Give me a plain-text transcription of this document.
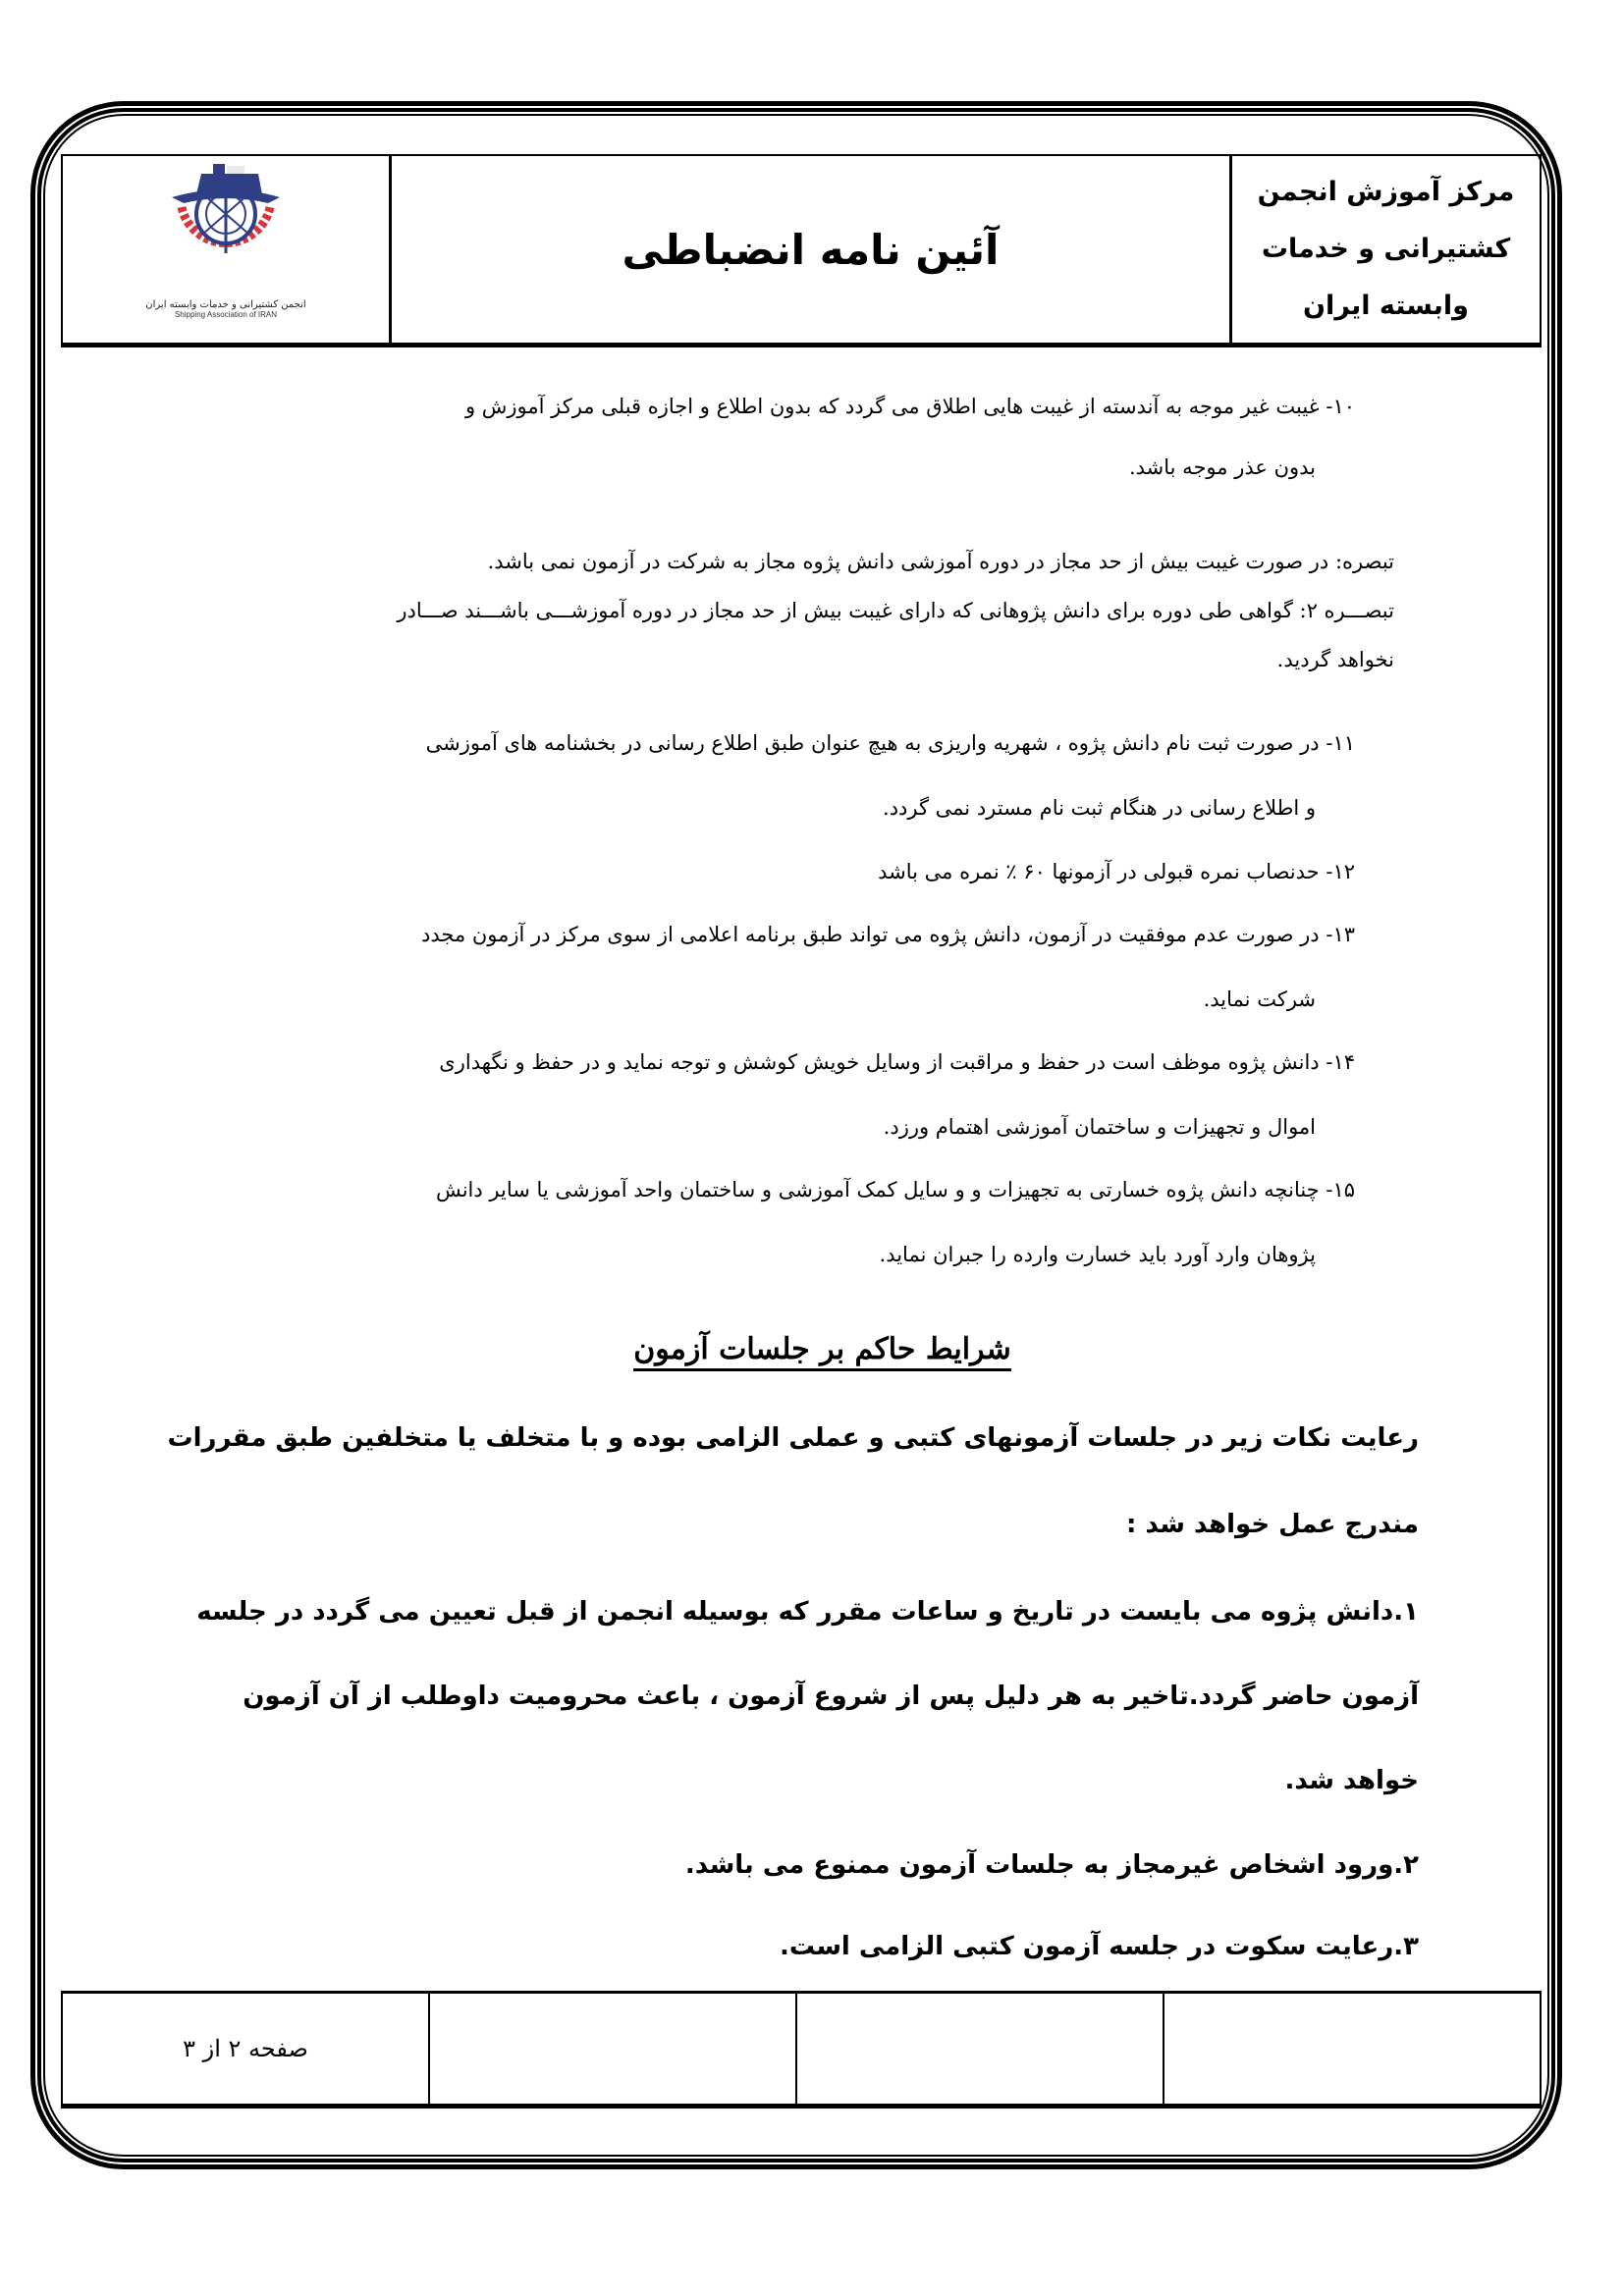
انجمن کشتیرانی و خدمات وابسته ایران
Shipping Association of IRAN
آئین نامه انضباطی
مرکز آموزش انجمن
کشتیرانی و خدمات
وابسته ایران
۱۰- غیبت غیر موجه به آندسته از غیبت هایی اطلاق می گردد که بدون اطلاع و اجازه قبلی مرکز آموزش و
بدون عذر موجه باشد.
تبصره: در صورت غیبت بیش از حد مجاز در دوره آموزشی دانش پژوه مجاز به شرکت در آزمون نمی باشد.
تبصـــره ۲: گواهی طی دوره برای دانش پژوهانی که دارای غیبت بیش از حد مجاز در دوره آموزشـــی باشـــند صـــادر
نخواهد گردید.
۱۱- در صورت ثبت نام دانش پژوه ، شهریه واریزی به هیچ عنوان طبق اطلاع رسانی در بخشنامه های آموزشی
و اطلاع رسانی در هنگام ثبت نام مسترد نمی گردد.
۱۲- حدنصاب نمره قبولی در آزمونها ۶۰ ٪ نمره می باشد
۱۳- در صورت عدم موفقیت در آزمون، دانش پژوه می تواند طبق برنامه اعلامی از سوی مرکز در آزمون مجدد
شرکت نماید.
۱۴- دانش پژوه موظف است در حفظ و مراقبت از وسایل خویش کوشش و توجه نماید و در حفظ و نگهداری
اموال و تجهیزات و ساختمان آموزشی اهتمام ورزد.
۱۵- چنانچه دانش پژوه خسارتی به تجهیزات و و سایل کمک آموزشی و ساختمان واحد آموزشی یا سایر دانش
پژوهان وارد آورد باید خسارت وارده را جبران نماید.
شرایط حاکم بر جلسات آزمون
رعایت نکات زیر در جلسات آزمونهای کتبی و عملی الزامی بوده و با متخلف یا متخلفین طبق مقررات
مندرج عمل خواهد شد :
۱.دانش پژوه می بایست در تاریخ و ساعات مقرر که بوسیله انجمن از قبل تعیین می گردد در جلسه
آزمون حاضر گردد.تاخیر به هر دلیل پس از شروع آزمون ، باعث محرومیت داوطلب از آن آزمون
خواهد شد.
۲.ورود اشخاص غیرمجاز به جلسات آزمون ممنوع می باشد.
۳.رعایت سکوت در جلسه آزمون کتبی الزامی است.
صفحه ۲ از ۳
